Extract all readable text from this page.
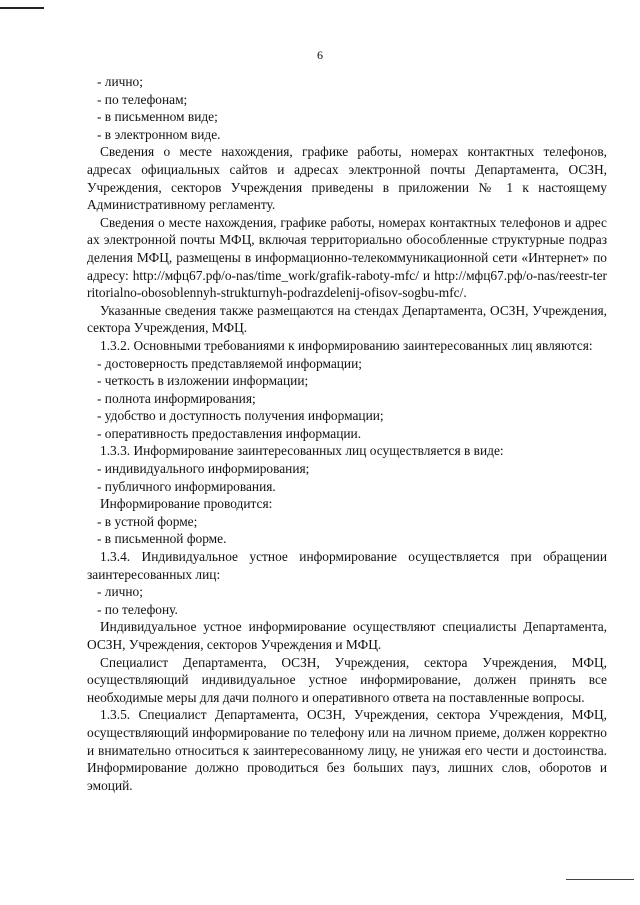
6

- лично;

- по телефонам;

- в письменном виде;

- в электронном виде.

Сведения о месте нахождения, графике работы, номерах контактных телефонов, адресах официальных сайтов и адресах электронной почты Департамента, ОСЗН, Учреждения, секторов Учреждения приведены в приложении № 1 к настоящему Административному регламенту.

Сведения о месте нахождения, графике работы, номерах контактных телефонов и адресах электронной почты МФЦ, включая территориально обособленные структурные подразделения МФЦ, размещены в информационно-телекоммуникационной сети «Интернет» по адресу: http://мфц67.рф/о-nas/time_work/grafik-raboty-mfc/ и http://мфц67.рф/о-nas/reestr-territorialno-obosoblennyh-strukturnyh-podrazdelenij-ofisov-sogbu-mfc/.

Указанные сведения также размещаются на стендах Департамента, ОСЗН, Учреждения, сектора Учреждения, МФЦ.

1.3.2. Основными требованиями к информированию заинтересованных лиц являются:

- достоверность представляемой информации;

- четкость в изложении информации;

- полнота информирования;

- удобство и доступность получения информации;

- оперативность предоставления информации.

1.3.3. Информирование заинтересованных лиц осуществляется в виде:

- индивидуального информирования;

- публичного информирования.

Информирование проводится:

- в устной форме;

- в письменной форме.

1.3.4. Индивидуальное устное информирование осуществляется при обращении заинтересованных лиц:

- лично;

- по телефону.

Индивидуальное устное информирование осуществляют специалисты Департамента, ОСЗН, Учреждения, секторов Учреждения и МФЦ.

Специалист Департамента, ОСЗН, Учреждения, сектора Учреждения, МФЦ, осуществляющий индивидуальное устное информирование, должен принять все необходимые меры для дачи полного и оперативного ответа на поставленные вопросы.

1.3.5. Специалист Департамента, ОСЗН, Учреждения, сектора Учреждения, МФЦ, осуществляющий информирование по телефону или на личном приеме, должен корректно и внимательно относиться к заинтересованному лицу, не унижая его чести и достоинства. Информирование должно проводиться без больших пауз, лишних слов, оборотов и эмоций.
